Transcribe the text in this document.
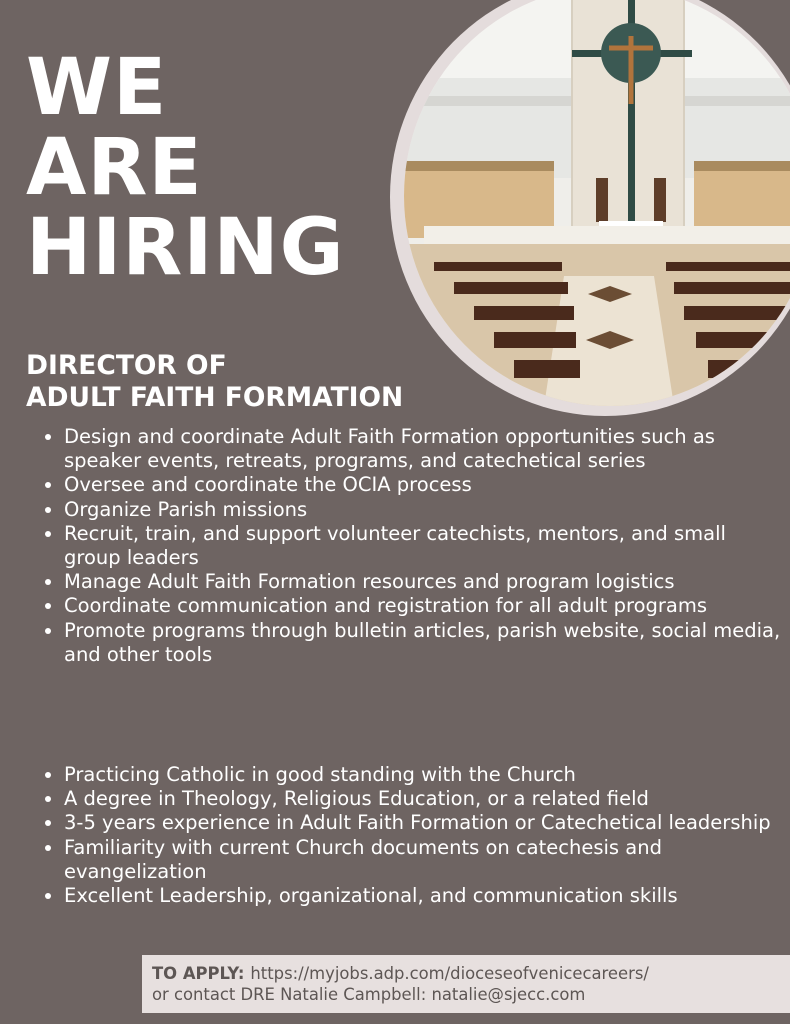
WE
ARE
HIRING
DIRECTOR OF
ADULT FAITH FORMATION
• Design and coordinate Adult Faith Formation opportunities such as speaker events, retreats, programs, and catechetical series
• Oversee and coordinate the OCIA process
• Organize Parish missions
• Recruit, train, and support volunteer catechists, mentors, and small group leaders
• Manage Adult Faith Formation resources and program logistics
• Coordinate communication and registration for all adult programs
• Promote programs through bulletin articles, parish website, social media, and other tools
• Practicing Catholic in good standing with the Church
• A degree in Theology, Religious Education, or a related field
• 3-5 years experience in Adult Faith Formation or Catechetical leadership
• Familiarity with current Church documents on catechesis and evangelization
• Excellent Leadership, organizational, and communication skills
TO APPLY: https://myjobs.adp.com/dioceseofvenicecareers/
or contact DRE Natalie Campbell: natalie@sjecc.com
